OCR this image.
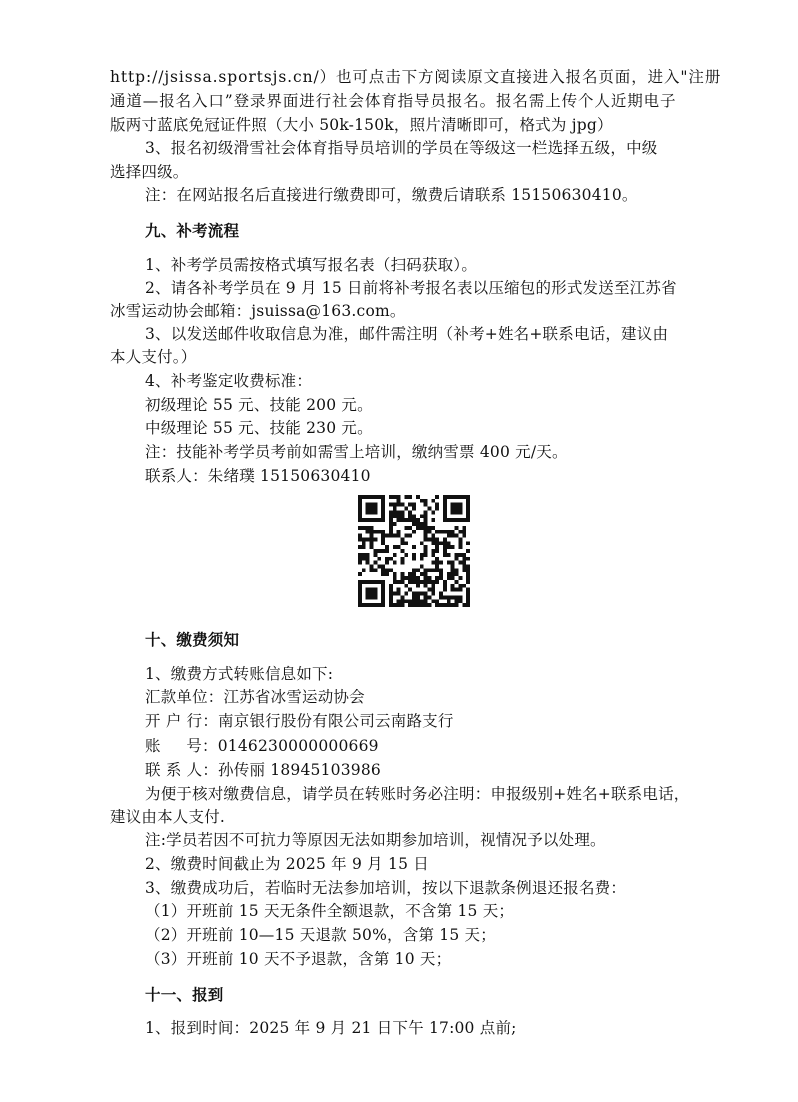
http://jsissa.sportsjs.cn/）也可点击下方阅读原文直接进入报名页面，进入"注册
通道—报名入口”登录界面进行社会体育指导员报名。报名需上传个人近期电子
版两寸蓝底免冠证件照（大小 50k-150k，照片清晰即可，格式为 jpg）
3、报名初级滑雪社会体育指导员培训的学员在等级这一栏选择五级，中级
选择四级。
注：在网站报名后直接进行缴费即可，缴费后请联系 15150630410。
九、补考流程
1、补考学员需按格式填写报名表（扫码获取）。
2、请各补考学员在 9 月 15 日前将补考报名表以压缩包的形式发送至江苏省
冰雪运动协会邮箱：jsuissa@163.com。
3、以发送邮件收取信息为准，邮件需注明（补考+姓名+联系电话，建议由
本人支付。）
4、补考鉴定收费标准：
初级理论 55 元、技能 200 元。
中级理论 55 元、技能 230 元。
注：技能补考学员考前如需雪上培训，缴纳雪票 400 元/天。
联系人：朱绪璞 15150630410
十、缴费须知
1、缴费方式转账信息如下:
汇款单位：江苏省冰雪运动协会
开 户 行：南京银行股份有限公司云南路支行
账     号：0146230000000669
联 系 人：孙传丽 18945103986
为便于核对缴费信息，请学员在转账时务必注明：申报级别+姓名+联系电话，
建议由本人支付.
注:学员若因不可抗力等原因无法如期参加培训，视情况予以处理。
2、缴费时间截止为 2025 年 9 月 15 日
3、缴费成功后，若临时无法参加培训，按以下退款条例退还报名费：
（1）开班前 15 天无条件全额退款，不含第 15 天；
（2）开班前 10—15 天退款 50%，含第 15 天；
（3）开班前 10 天不予退款，含第 10 天；
十一、报到
1、报到时间：2025 年 9 月 21 日下午 17:00 点前;
